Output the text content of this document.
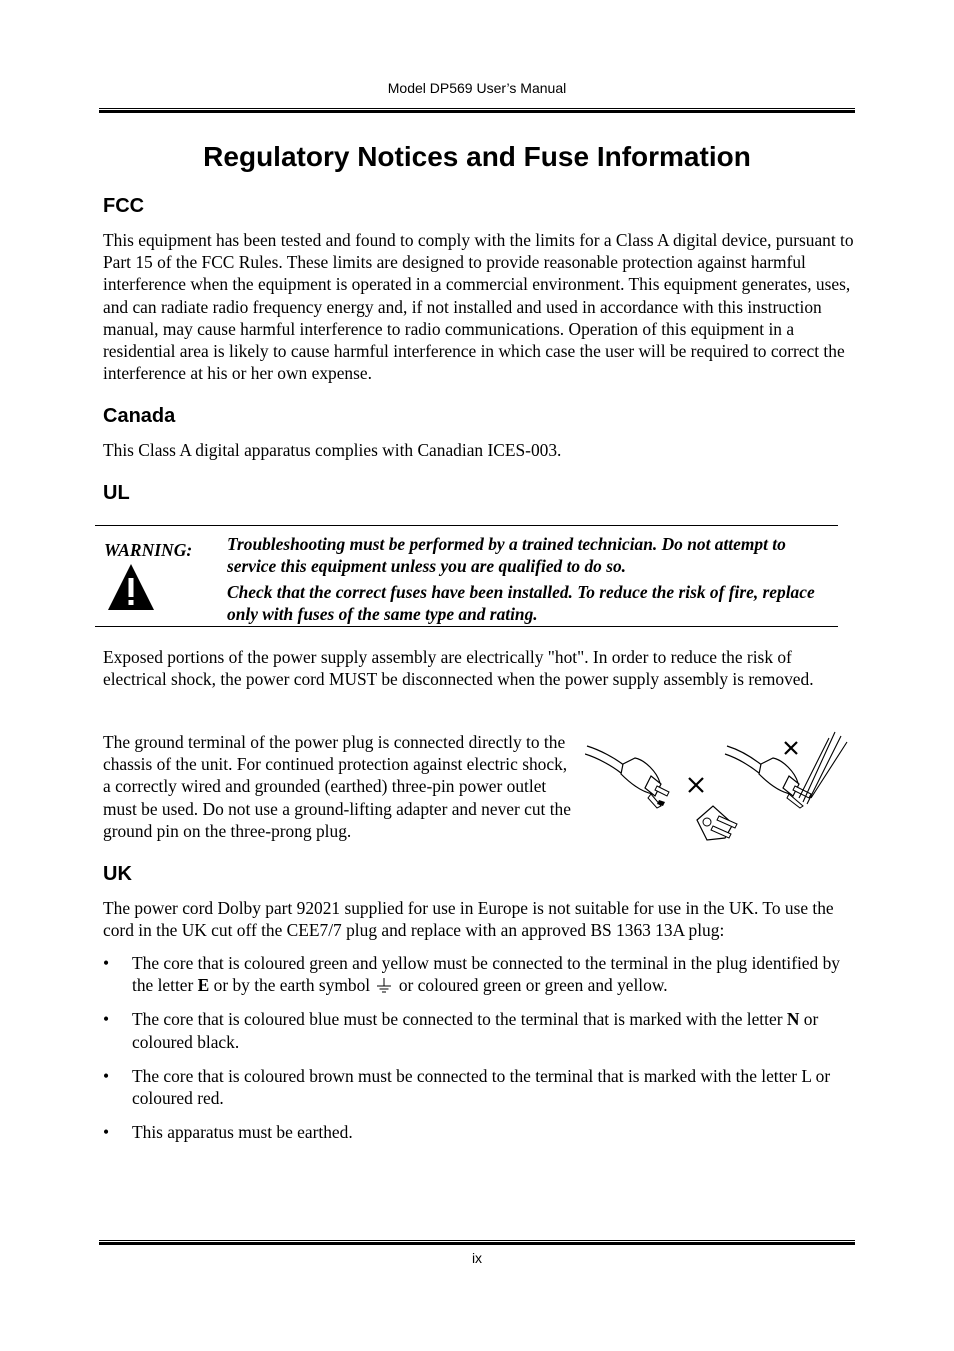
Model DP569 User’s Manual
Regulatory Notices and Fuse Information
FCC

This equipment has been tested and found to comply with the limits for a Class A digital device, pursuant to Part 15 of the FCC Rules. These limits are designed to provide reasonable protection against harmful interference when the equipment is operated in a commercial environment. This equipment generates, uses, and can radiate radio frequency energy and, if not installed and used in accordance with this instruction manual, may cause harmful interference to radio communications. Operation of this equipment in a residential area is likely to cause harmful interference in which case the user will be required to correct the interference at his or her own expense.

Canada

This Class A digital apparatus complies with Canadian ICES-003.

UL
WARNING: Troubleshooting must be performed by a trained technician. Do not attempt to service this equipment unless you are qualified to do so.

Check that the correct fuses have been installed. To reduce the risk of fire, replace only with fuses of the same type and rating.

Exposed portions of the power supply assembly are electrically "hot". In order to reduce the risk of electrical shock, the power cord MUST be disconnected when the power supply assembly is removed.

The ground terminal of the power plug is connected directly to the chassis of the unit. For continued protection against electric shock, a correctly wired and grounded (earthed) three-pin power outlet must be used. Do not use a ground-lifting adapter and never cut the ground pin on the three-prong plug.

UK

The power cord Dolby part 92021 supplied for use in Europe is not suitable for use in the UK. To use the cord in the UK cut off the CEE7/7 plug and replace with an approved BS 1363 13A plug:

• The core that is coloured green and yellow must be connected to the terminal in the plug identified by the letter E or by the earth symbol  or coloured green or green and yellow.
• The core that is coloured blue must be connected to the terminal that is marked with the letter N or coloured black.
• The core that is coloured brown must be connected to the terminal that is marked with the letter L or coloured red.
• This apparatus must be earthed.
ix
